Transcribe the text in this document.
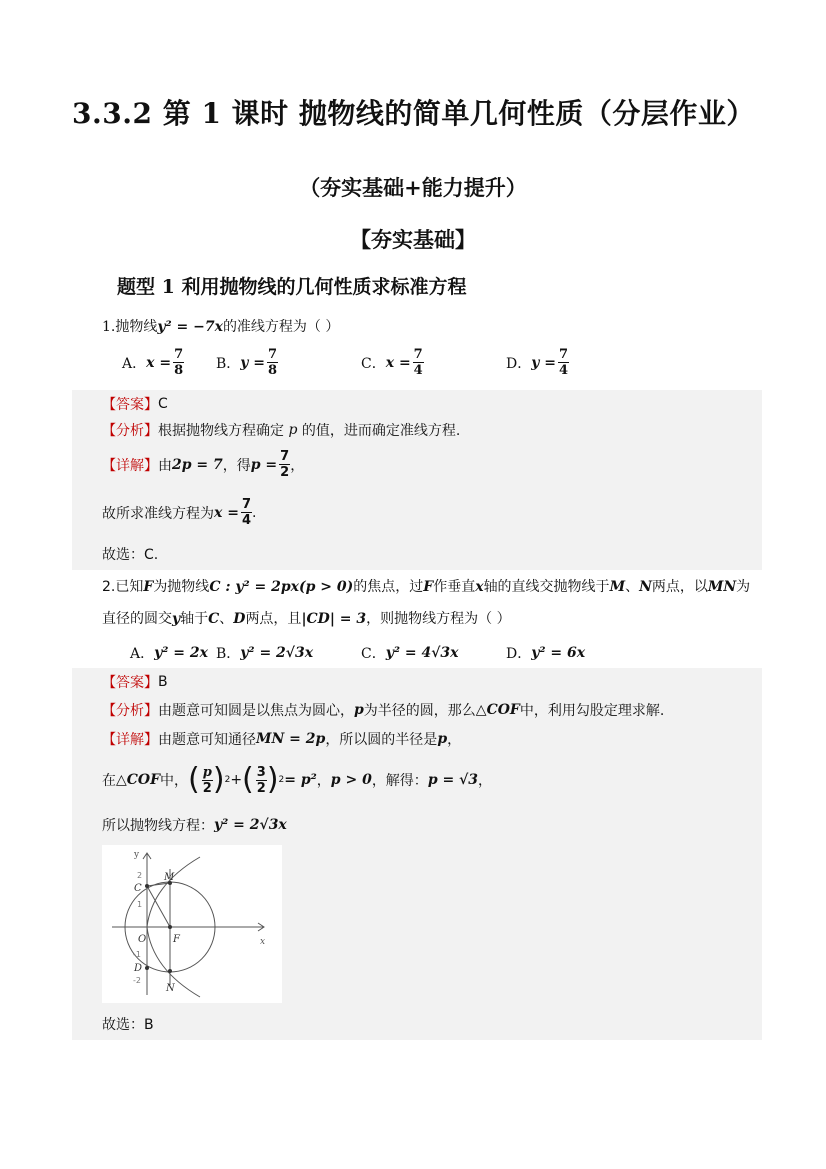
3.3.2 第 1 课时 抛物线的简单几何性质（分层作业）
（夯实基础+能力提升）
【夯实基础】
题型 1 利用抛物线的几何性质求标准方程
1.抛物线y² = −7x的准线方程为（ ）
A． $x = \frac{7}{8}$ B． $y = \frac{7}{8}$	C． $x = \frac{7}{4}$	D． $y = \frac{7}{4}$
【答案】 C
【分析】 根据抛物线方程确定
p
的值，进而确定准线方程.
【详解】 由 2p = 7 ，得 $p = \frac{7}{2}$ ，
故所求准线方程为 $x = \frac{7}{4}$ .
故选：C.
2.已知F为抛物线C : y² = 2px(p > 0)的焦点，过F作垂直x轴的直线交抛物线于M、N两点，以MN为
直径的圆交y轴于C、D两点，且|CD| = 3，则抛物线方程为（ ）
A． y² = 2x B． y² = 2√3x	C． y² = 4√3x	D． y² = 6x
【答案】 B
【分析】 由题意可知圆是以焦点为圆心， p 为半径的圆，那么 △COF 中，利用勾股定理求解.
【详解】 由题意可知通径 MN = 2p ，所以圆的半径是 p ，
在 △COF 中， ( $\frac{p}{2}$ ) 2 + ( $\frac{3}{2}$ ) 2 = p² ， p > 0 ，解得： p = √3 ，
所以抛物线方程： y² = 2√3x
y
x
C
M
O	F
D
N
2
1
-1
-2
故选：B
